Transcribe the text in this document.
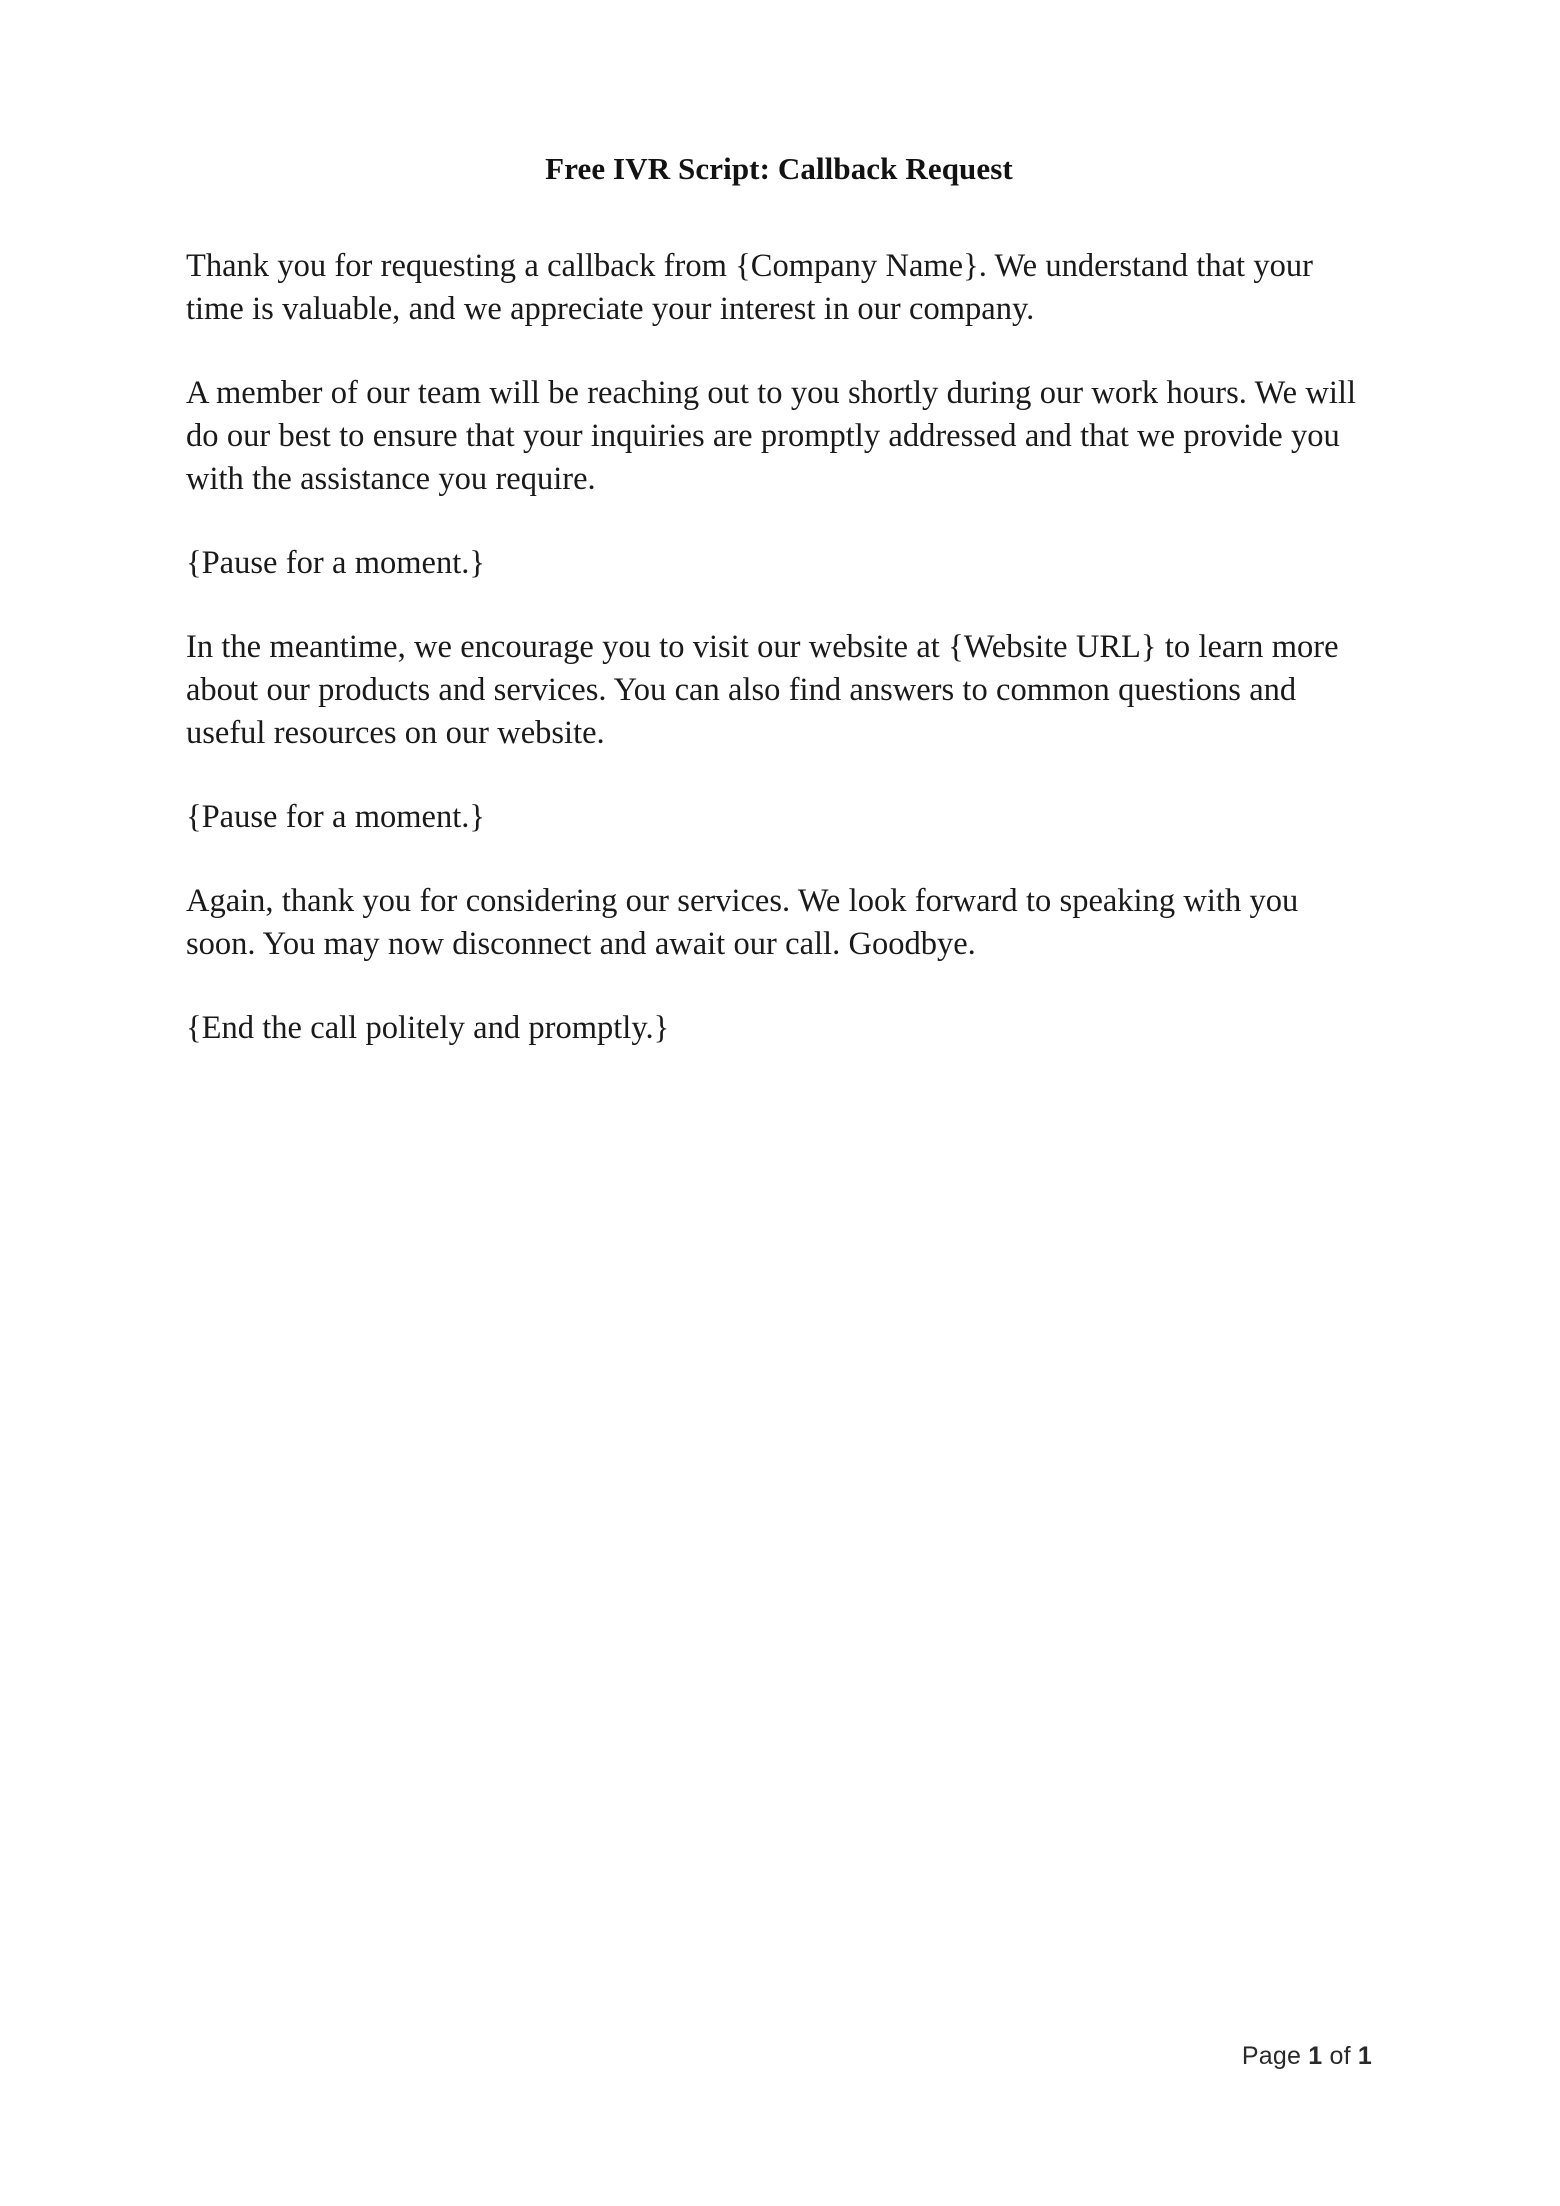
Free IVR Script: Callback Request

Thank you for requesting a callback from {Company Name}. We understand that your time is valuable, and we appreciate your interest in our company.

A member of our team will be reaching out to you shortly during our work hours. We will do our best to ensure that your inquiries are promptly addressed and that we provide you with the assistance you require.

{Pause for a moment.}

In the meantime, we encourage you to visit our website at {Website URL} to learn more about our products and services. You can also find answers to common questions and useful resources on our website.

{Pause for a moment.}

Again, thank you for considering our services. We look forward to speaking with you soon. You may now disconnect and await our call. Goodbye.

{End the call politely and promptly.}

Page 1 of 1
